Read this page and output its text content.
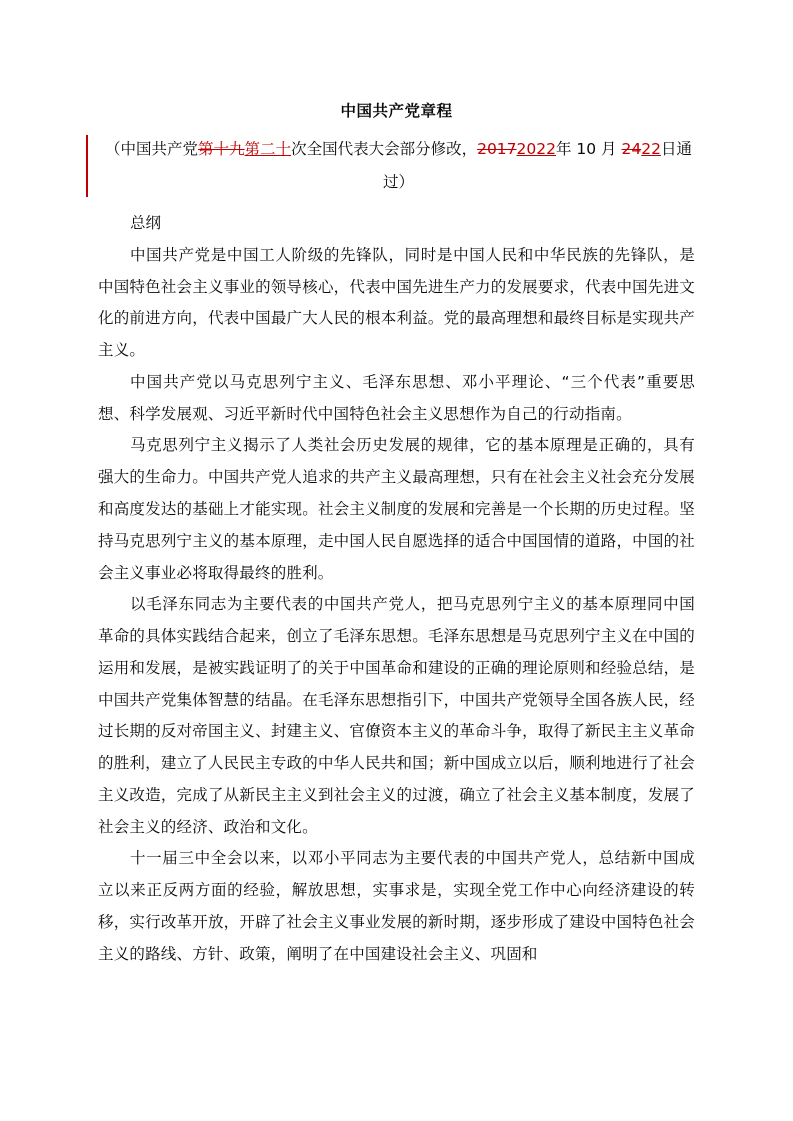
中国共产党章程
（中国共产党第十九第二十次全国代表大会部分修改，20172022年 10 月 2422日通过）
总纲

中国共产党是中国工人阶级的先锋队，同时是中国人民和中华民族的先锋队，是中国特色社会主义事业的领导核心，代表中国先进生产力的发展要求，代表中国先进文化的前进方向，代表中国最广大人民的根本利益。党的最高理想和最终目标是实现共产主义。

中国共产党以马克思列宁主义、毛泽东思想、邓小平理论、“三个代表”重要思想、科学发展观、习近平新时代中国特色社会主义思想作为自己的行动指南。

马克思列宁主义揭示了人类社会历史发展的规律，它的基本原理是正确的，具有强大的生命力。中国共产党人追求的共产主义最高理想，只有在社会主义社会充分发展和高度发达的基础上才能实现。社会主义制度的发展和完善是一个长期的历史过程。坚持马克思列宁主义的基本原理，走中国人民自愿选择的适合中国国情的道路，中国的社会主义事业必将取得最终的胜利。

以毛泽东同志为主要代表的中国共产党人，把马克思列宁主义的基本原理同中国革命的具体实践结合起来，创立了毛泽东思想。毛泽东思想是马克思列宁主义在中国的运用和发展，是被实践证明了的关于中国革命和建设的正确的理论原则和经验总结，是中国共产党集体智慧的结晶。在毛泽东思想指引下，中国共产党领导全国各族人民，经过长期的反对帝国主义、封建主义、官僚资本主义的革命斗争，取得了新民主主义革命的胜利，建立了人民民主专政的中华人民共和国；新中国成立以后，顺利地进行了社会主义改造，完成了从新民主主义到社会主义的过渡，确立了社会主义基本制度，发展了社会主义的经济、政治和文化。

十一届三中全会以来，以邓小平同志为主要代表的中国共产党人，总结新中国成立以来正反两方面的经验，解放思想，实事求是，实现全党工作中心向经济建设的转移，实行改革开放，开辟了社会主义事业发展的新时期，逐步形成了建设中国特色社会主义的路线、方针、政策，阐明了在中国建设社会主义、巩固和
